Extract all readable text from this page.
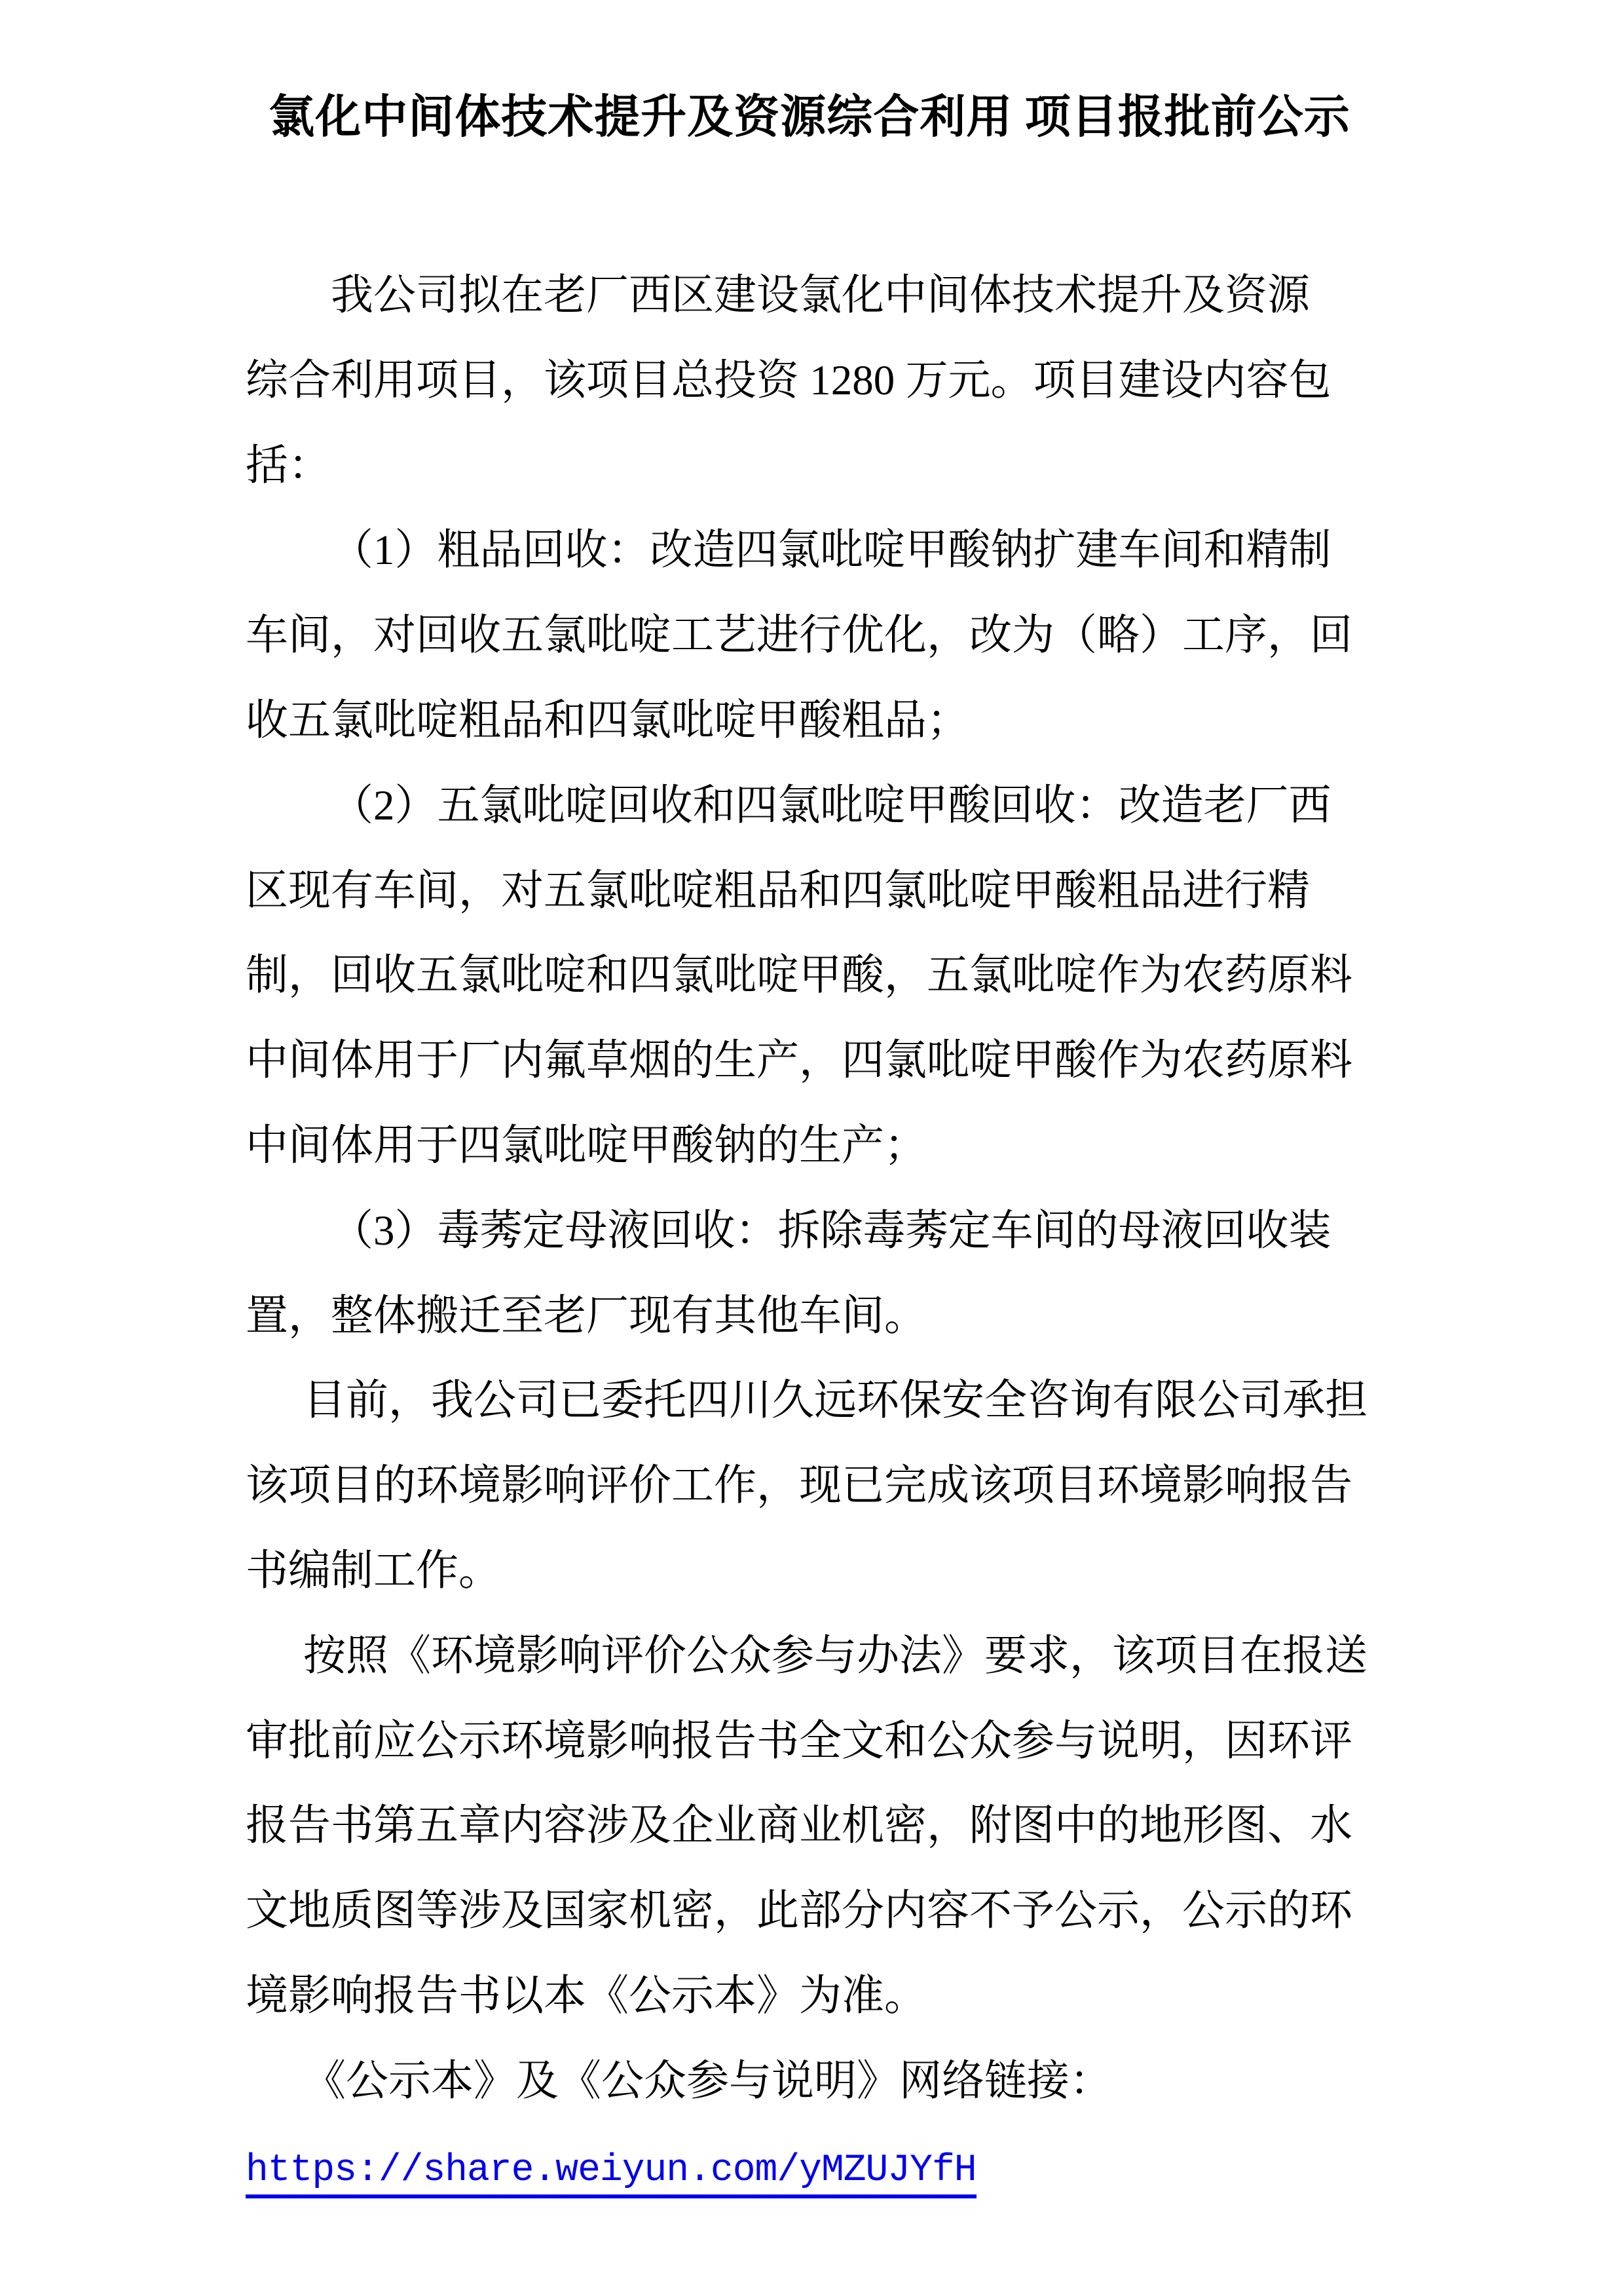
氯化中间体技术提升及资源综合利用 项目报批前公示
我公司拟在老厂西区建设氯化中间体技术提升及资源
综合利用项目，该项目总投资 1280 万元。项目建设内容包
括：
（1）粗品回收：改造四氯吡啶甲酸钠扩建车间和精制
车间，对回收五氯吡啶工艺进行优化，改为（略）工序，回
收五氯吡啶粗品和四氯吡啶甲酸粗品；
（2）五氯吡啶回收和四氯吡啶甲酸回收：改造老厂西
区现有车间，对五氯吡啶粗品和四氯吡啶甲酸粗品进行精
制，回收五氯吡啶和四氯吡啶甲酸，五氯吡啶作为农药原料
中间体用于厂内氟草烟的生产，四氯吡啶甲酸作为农药原料
中间体用于四氯吡啶甲酸钠的生产；
（3）毒莠定母液回收：拆除毒莠定车间的母液回收装
置，整体搬迁至老厂现有其他车间。
目前，我公司已委托四川久远环保安全咨询有限公司承担
该项目的环境影响评价工作，现已完成该项目环境影响报告
书编制工作。
按照《环境影响评价公众参与办法》要求，该项目在报送
审批前应公示环境影响报告书全文和公众参与说明，因环评
报告书第五章内容涉及企业商业机密，附图中的地形图、水
文地质图等涉及国家机密，此部分内容不予公示，公示的环
境影响报告书以本《公示本》为准。
《公示本》及《公众参与说明》网络链接：
https://share.weiyun.com/yMZUJYfH
